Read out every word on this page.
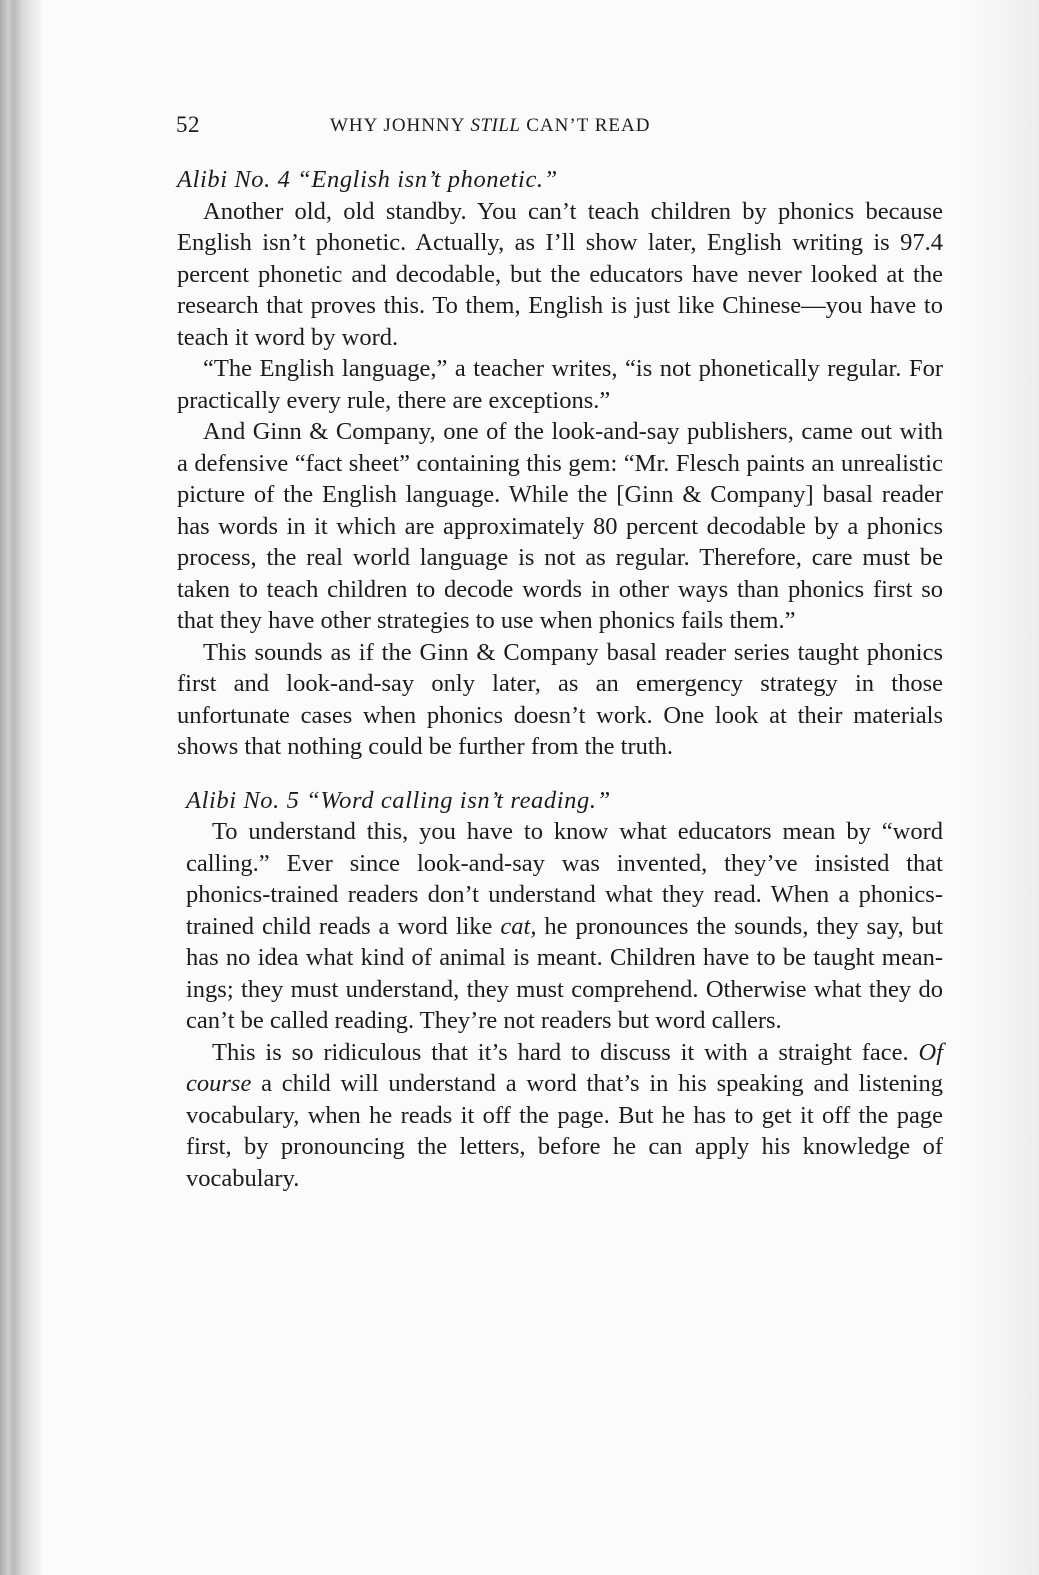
52	WHY JOHNNY STILL CAN’T READ
Alibi No. 4 “English isn’t phonetic.”

Another old, old standby. You can’t teach children by phonics because English isn’t phonetic. Actually, as I’ll show later, English writing is 97.4 percent phonetic and decodable, but the educators have never looked at the research that proves this. To them, English is just like Chinese—you have to teach it word by word.

“The English language,” a teacher writes, “is not phonetically regular. For practically every rule, there are exceptions.”

And Ginn & Company, one of the look-and-say publishers, came out with a defensive “fact sheet” containing this gem: “Mr. Flesch paints an unrealistic picture of the English language. While the [Ginn & Company] basal reader has words in it which are approximately 80 percent decodable by a phonics process, the real world language is not as regular. Therefore, care must be taken to teach children to decode words in other ways than phonics first so that they have other strategies to use when phonics fails them.”

This sounds as if the Ginn & Company basal reader series taught phonics first and look-and-say only later, as an emergency strategy in those unfortunate cases when phonics doesn’t work. One look at their materials shows that nothing could be further from the truth.

Alibi No. 5 “Word calling isn’t reading.”

To understand this, you have to know what educators mean by “word calling.” Ever since look-and-say was invented, they’ve insisted that phonics-trained readers don’t understand what they read. When a phonics-trained child reads a word like cat, he pronounces the sounds, they say, but has no idea what kind of animal is meant. Children have to be taught meanings; they must understand, they must comprehend. Otherwise what they do can’t be called reading. They’re not readers but word callers.

This is so ridiculous that it’s hard to discuss it with a straight face. Of course a child will understand a word that’s in his speaking and listening vocabulary, when he reads it off the page. But he has to get it off the page first, by pronouncing the letters, before he can apply his knowledge of vocabulary.
